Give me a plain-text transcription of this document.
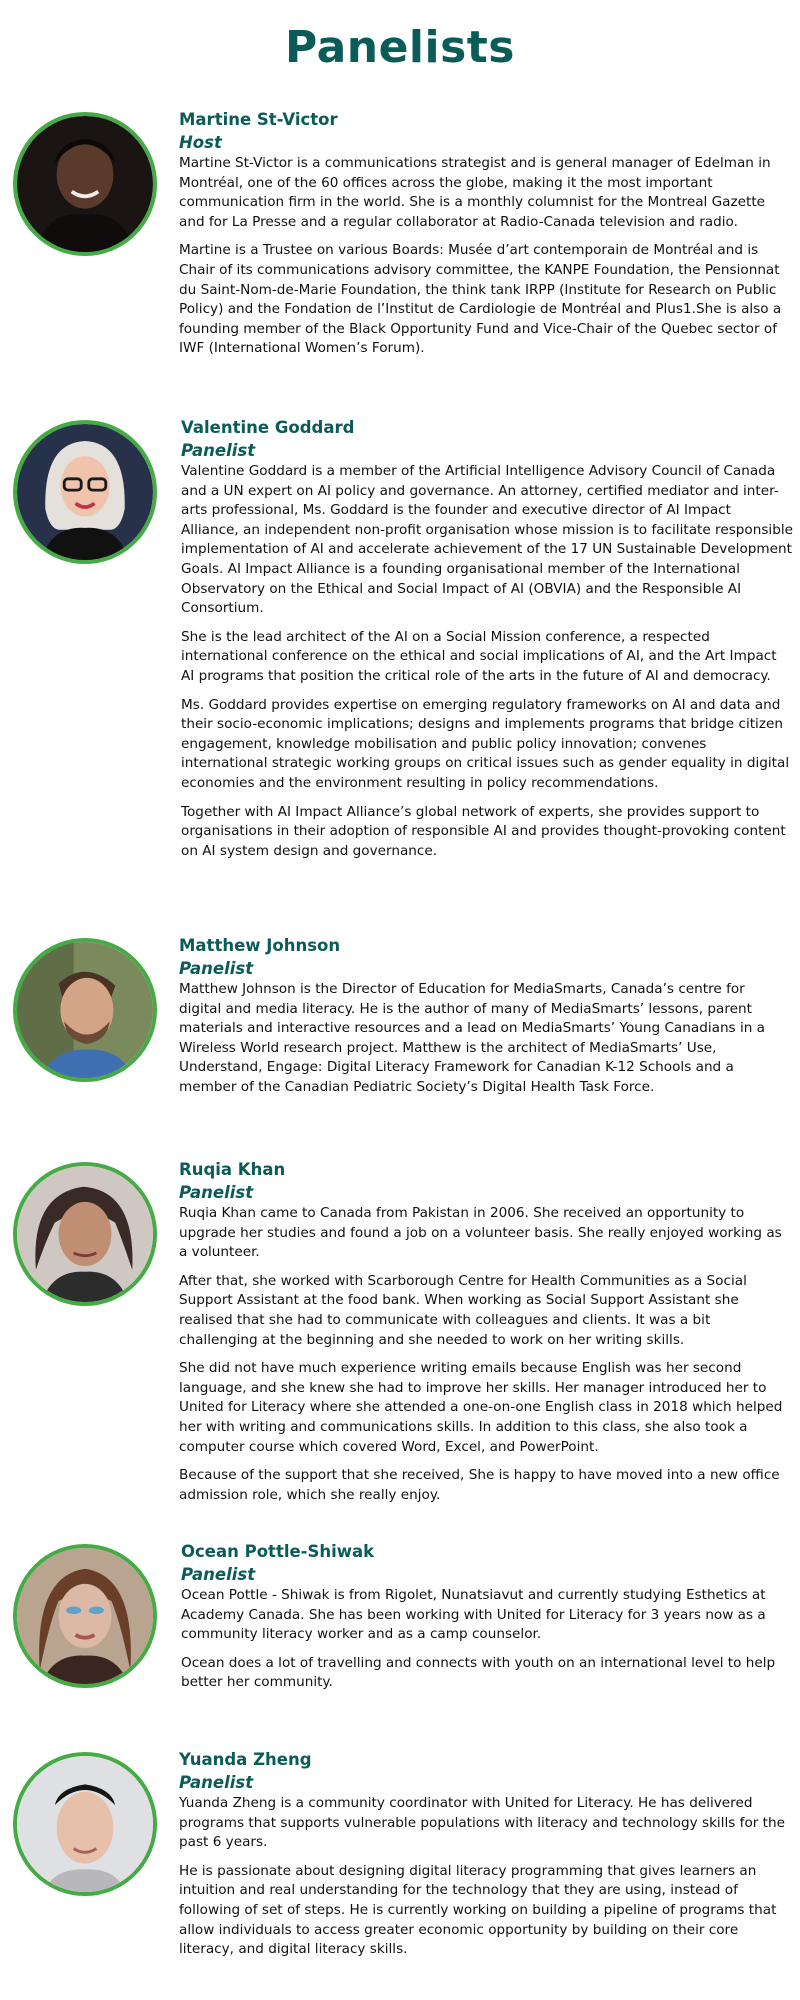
Panelists

Martine St-Victor

Host

Martine St-Victor is a communications strategist and is general manager of Edelman in Montréal, one of the 60 offices across the globe, making it the most important communication firm in the world. She is a monthly columnist for the Montreal Gazette and for La Presse and a regular collaborator at Radio-Canada television and radio.

Martine is a Trustee on various Boards: Musée d’art contemporain de Montréal and is Chair of its communications advisory committee, the KANPE Foundation, the Pensionnat du Saint-Nom-de-Marie Foundation, the think tank IRPP (Institute for Research on Public Policy) and the Fondation de l’Institut de Cardiologie de Montréal and Plus1.She is also a founding member of the Black Opportunity Fund and Vice-Chair of the Quebec sector of IWF (International Women’s Forum).

Valentine Goddard

Panelist

Valentine Goddard is a member of the Artificial Intelligence Advisory Council of Canada and a UN expert on AI policy and governance. An attorney, certified mediator and inter-arts professional, Ms. Goddard is the founder and executive director of AI Impact Alliance, an independent non-profit organisation whose mission is to facilitate responsible implementation of AI and accelerate achievement of the 17 UN Sustainable Development Goals. AI Impact Alliance is a founding organisational member of the International Observatory on the Ethical and Social Impact of AI (OBVIA) and the Responsible AI Consortium.

She is the lead architect of the AI on a Social Mission conference, a respected international conference on the ethical and social implications of AI, and the Art Impact AI programs that position the critical role of the arts in the future of AI and democracy.

Ms. Goddard provides expertise on emerging regulatory frameworks on AI and data and their socio-economic implications; designs and implements programs that bridge citizen engagement, knowledge mobilisation and public policy innovation; convenes international strategic working groups on critical issues such as gender equality in digital economies and the environment resulting in policy recommendations.

Together with AI Impact Alliance’s global network of experts, she provides support to organisations in their adoption of responsible AI and provides thought-provoking content on AI system design and governance.

Matthew Johnson

Panelist

Matthew Johnson is the Director of Education for MediaSmarts, Canada’s centre for digital and media literacy. He is the author of many of MediaSmarts’ lessons, parent materials and interactive resources and a lead on MediaSmarts’ Young Canadians in a Wireless World research project. Matthew is the architect of MediaSmarts’ Use, Understand, Engage: Digital Literacy Framework for Canadian K-12 Schools and a member of the Canadian Pediatric Society’s Digital Health Task Force.

Ruqia Khan

Panelist

Ruqia Khan came to Canada from Pakistan in 2006. She received an opportunity to upgrade her studies and found a job on a volunteer basis. She really enjoyed working as a volunteer.

After that, she worked with Scarborough Centre for Health Communities as a Social Support Assistant at the food bank. When working as Social Support Assistant she realised that she had to communicate with colleagues and clients. It was a bit challenging at the beginning and she needed to work on her writing skills.

She did not have much experience writing emails because English was her second language, and she knew she had to improve her skills. Her manager introduced her to United for Literacy where she attended a one-on-one English class in 2018 which helped her with writing and communications skills. In addition to this class, she also took a computer course which covered Word, Excel, and PowerPoint.

Because of the support that she received, She is happy to have moved into a new office admission role, which she really enjoy.

Ocean Pottle-Shiwak

Panelist

Ocean Pottle - Shiwak is from Rigolet, Nunatsiavut and currently studying Esthetics at Academy Canada. She has been working with United for Literacy for 3 years now as a community literacy worker and as a camp counselor.

Ocean does a lot of travelling and connects with youth on an international level to help better her community.

Yuanda Zheng

Panelist

Yuanda Zheng is a community coordinator with United for Literacy. He has delivered programs that supports vulnerable populations with literacy and technology skills for the past 6 years.

He is passionate about designing digital literacy programming that gives learners an intuition and real understanding for the technology that they are using, instead of following of set of steps. He is currently working on building a pipeline of programs that allow individuals to access greater economic opportunity by building on their core literacy, and digital literacy skills.
